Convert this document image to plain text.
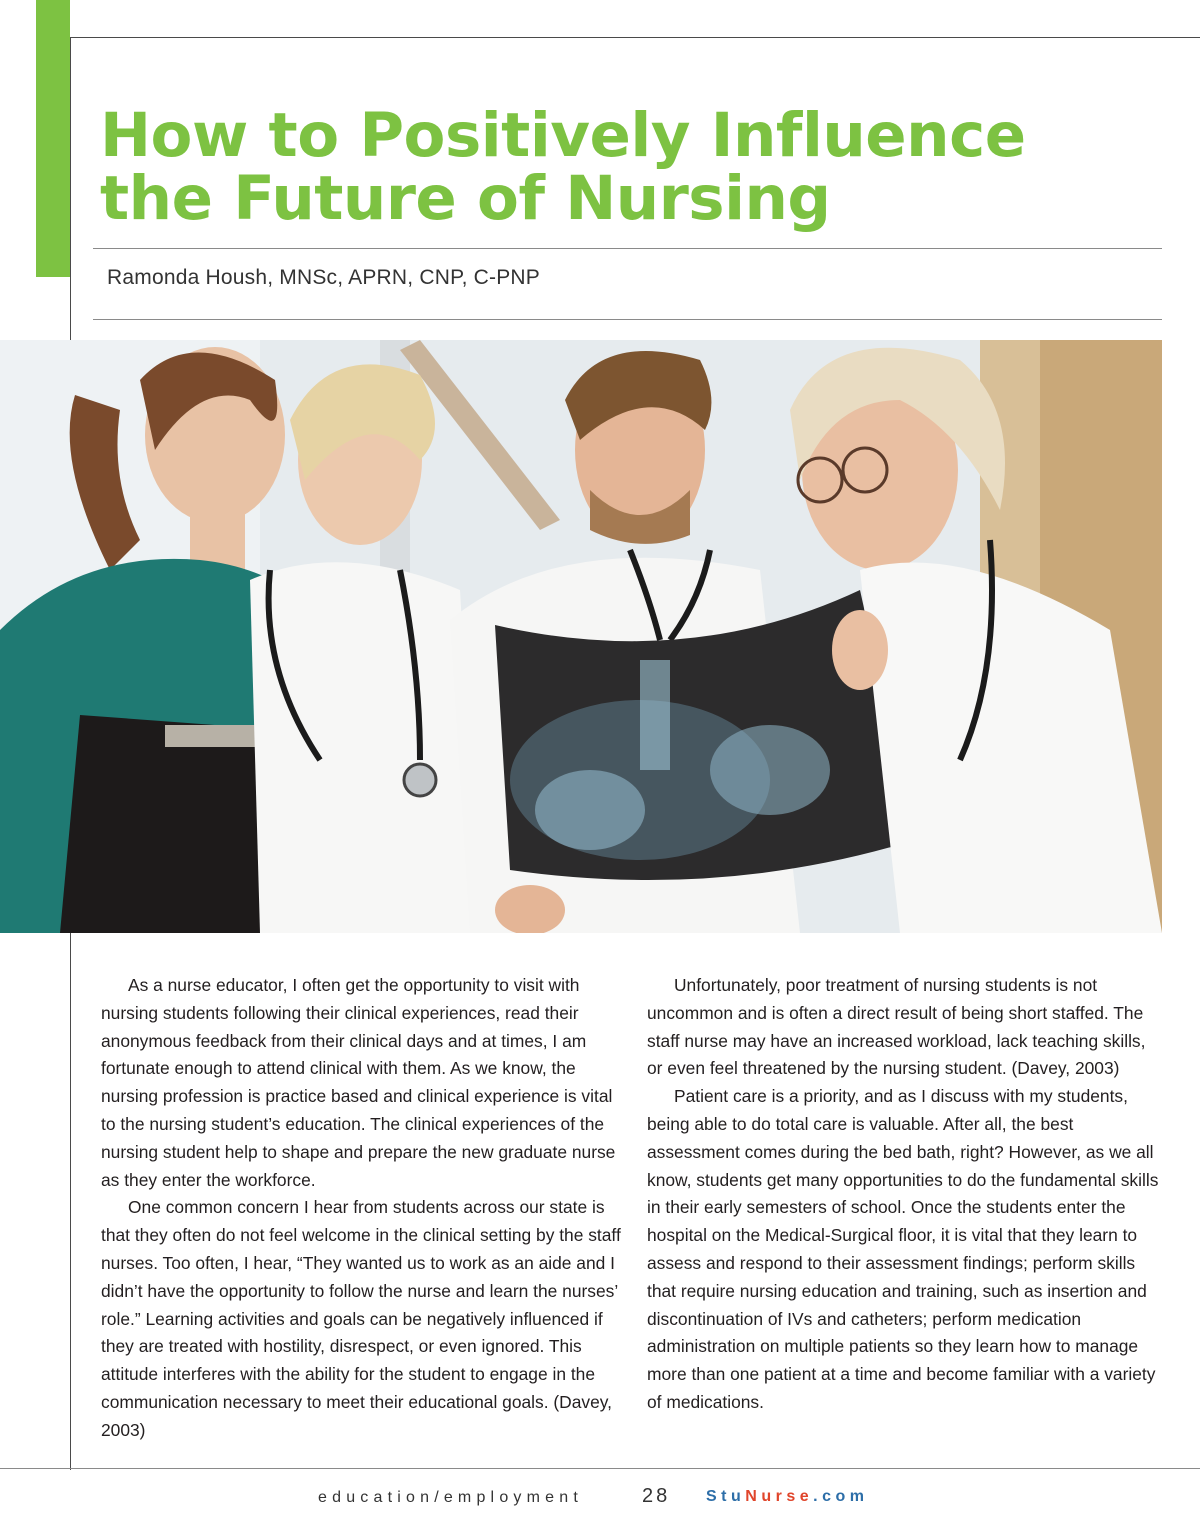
How to Positively Influence
the Future of Nursing
Ramonda Housh, MNSc, APRN, CNP, C-PNP

As a nurse educator, I often get the opportunity to visit with nursing students following their clinical experiences, read their anonymous feedback from their clinical days and at times, I am fortunate enough to attend clinical with them. As we know, the nursing profession is practice based and clinical experience is vital to the nursing student’s education. The clinical experiences of the nursing student help to shape and prepare the new graduate nurse as they enter the workforce.

One common concern I hear from students across our state is that they often do not feel welcome in the clinical setting by the staff nurses. Too often, I hear, “They wanted us to work as an aide and I didn’t have the opportunity to follow the nurse and learn the nurses’ role.” Learning activities and goals can be negatively influenced if they are treated with hostility, disrespect, or even ignored. This attitude interferes with the ability for the student to engage in the communication necessary to meet their educational goals. (Davey, 2003)

Unfortunately, poor treatment of nursing students is not uncommon and is often a direct result of being short staffed. The staff nurse may have an increased workload, lack teaching skills, or even feel threatened by the nursing student. (Davey, 2003)

Patient care is a priority, and as I discuss with my students, being able to do total care is valuable. After all, the best assessment comes during the bed bath, right? However, as we all know, students get many opportunities to do the fundamental skills in their early semesters of school. Once the students enter the hospital on the Medical-Surgical floor, it is vital that they learn to assess and respond to their assessment findings; perform skills that require nursing education and training, such as insertion and discontinuation of IVs and catheters; perform medication administration on multiple patients so they learn how to manage more than one patient at a time and become familiar with a variety of medications.

education/employment	28 StuNurse.com
